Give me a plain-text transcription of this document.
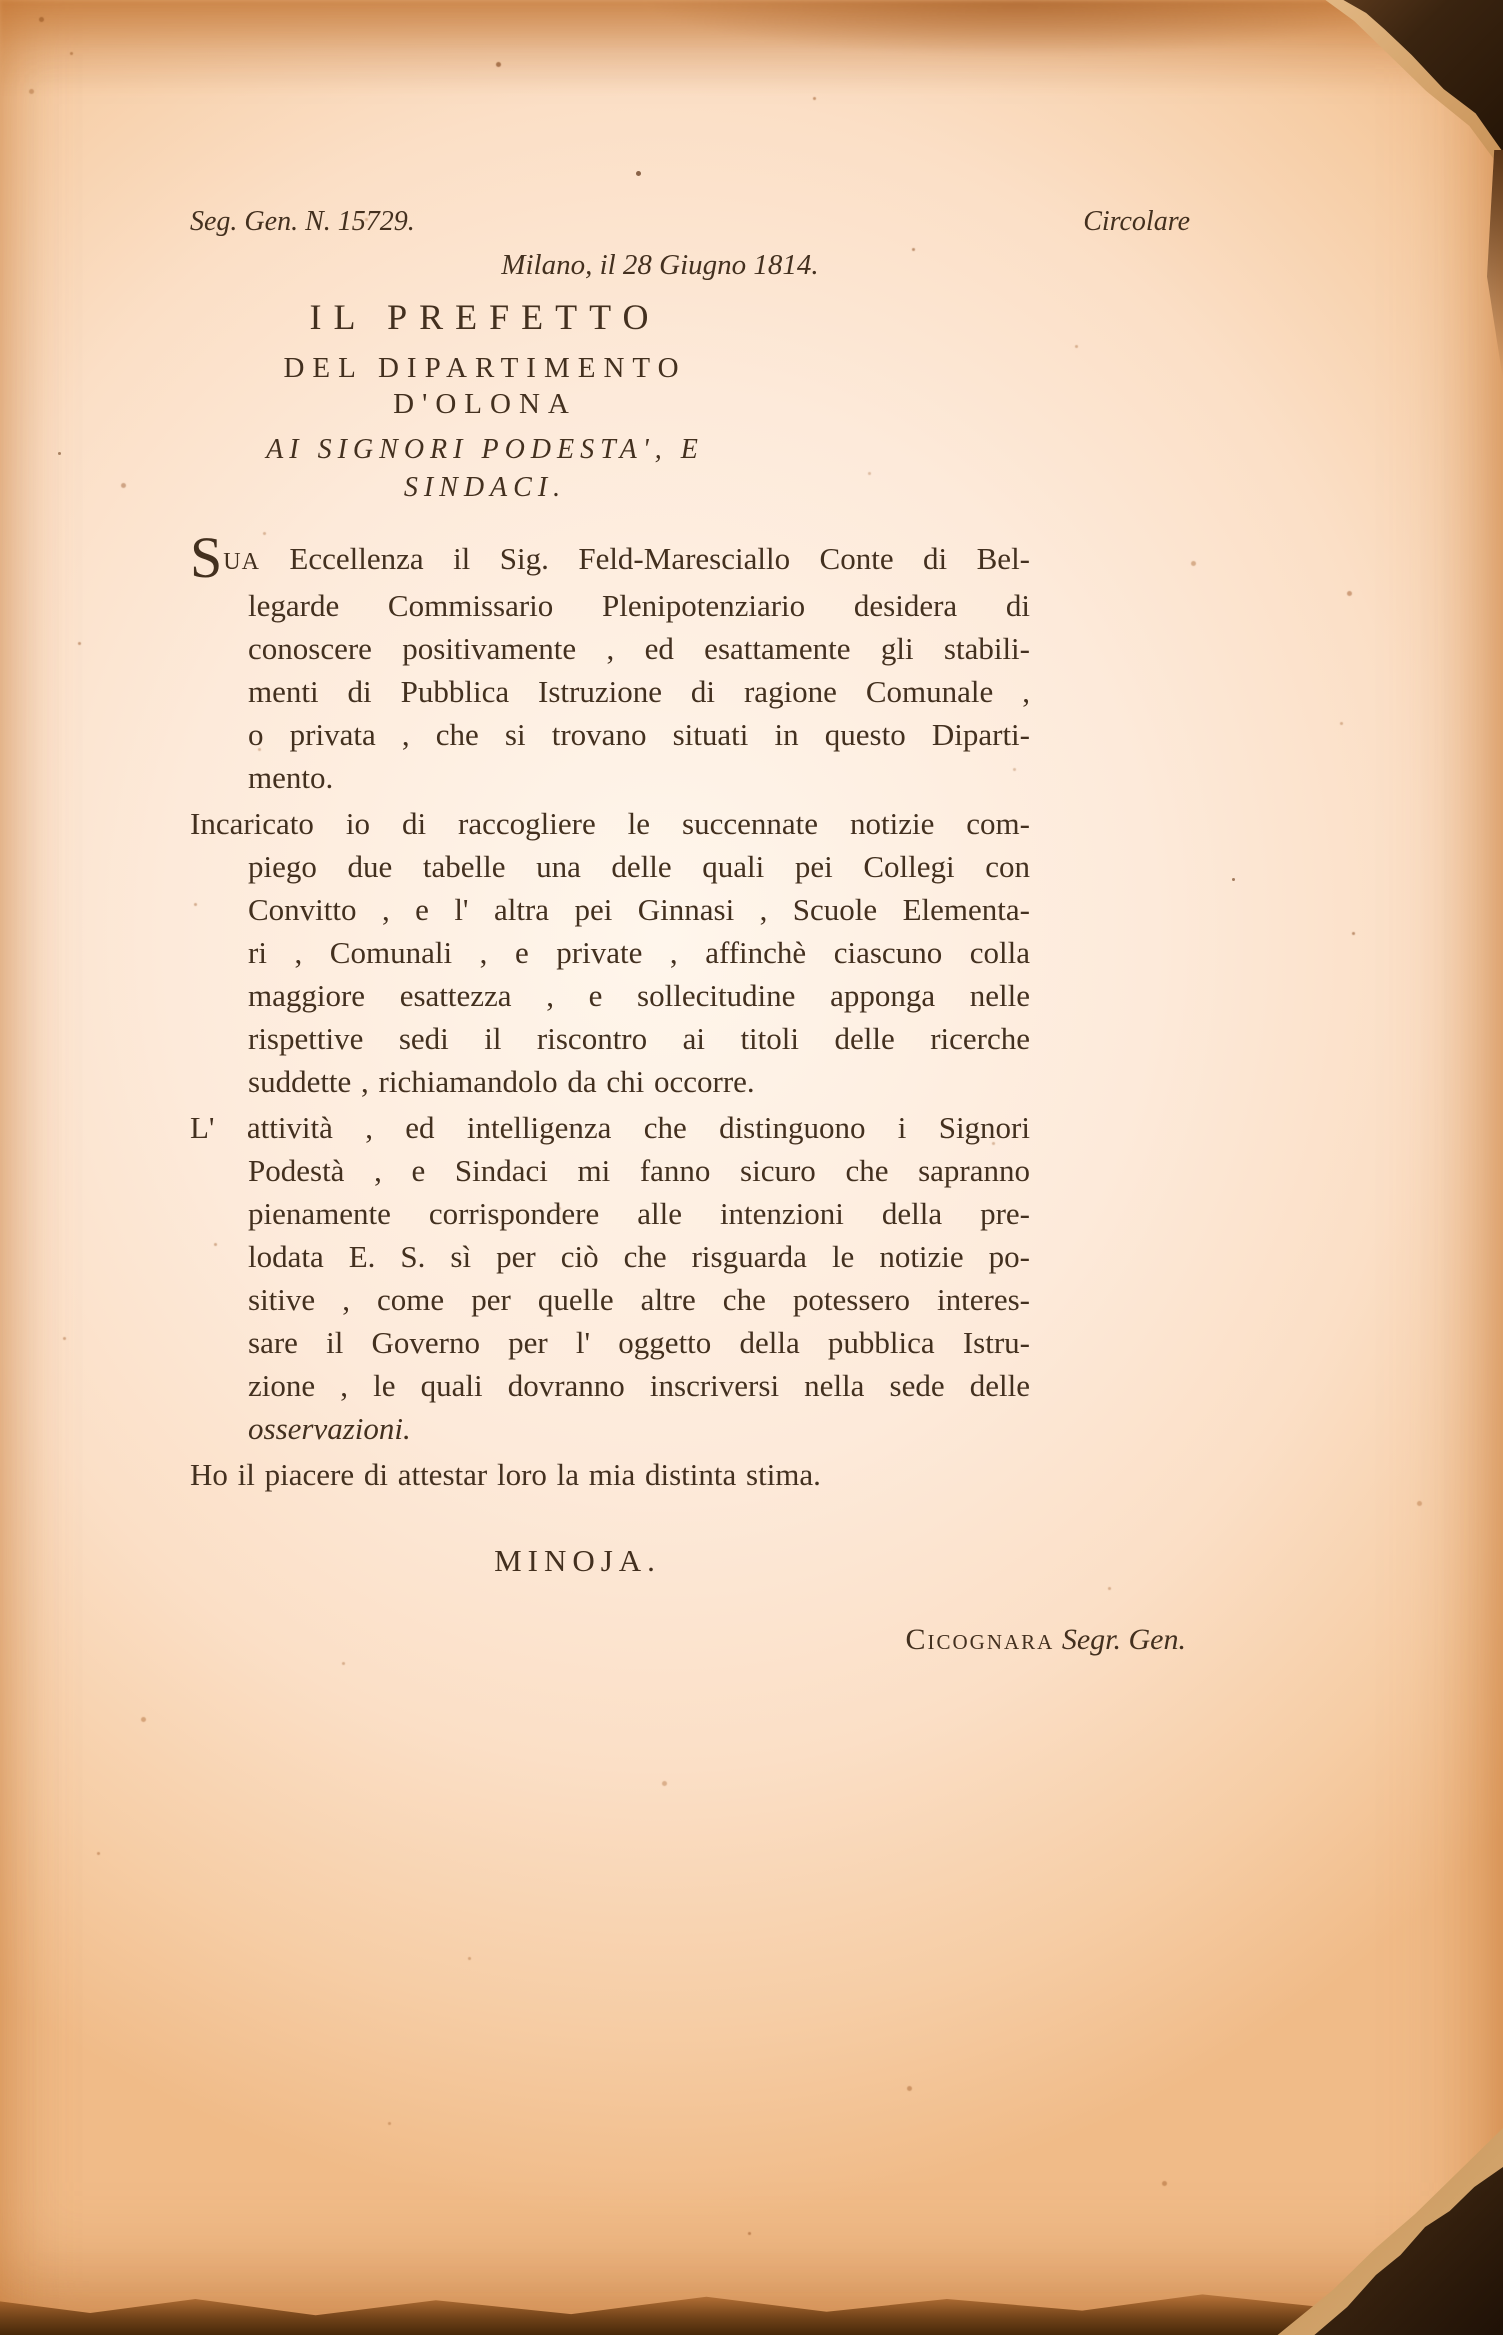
Seg. Gen. N. 15729.	Circolare
Milano, il 28 Giugno 1814.
IL PREFETTO
DEL DIPARTIMENTO D'OLONA
AI SIGNORI PODESTA', E SINDACI.
SUA Eccellenza il Sig. Feld-Maresciallo Conte di Bel-
legarde Commissario Plenipotenziario desidera di
conoscere positivamente , ed esattamente gli stabili-
menti di Pubblica Istruzione di ragione Comunale ,
o privata , che si trovano situati in questo Diparti-
mento.
Incaricato io di raccogliere le succennate notizie com-
piego due tabelle una delle quali pei Collegi con
Convitto , e l' altra pei Ginnasi , Scuole Elementa-
ri , Comunali , e private , affinchè ciascuno colla
maggiore esattezza , e sollecitudine apponga nelle
rispettive sedi il riscontro ai titoli delle ricerche
suddette , richiamandolo da chi occorre.
L' attività , ed intelligenza che distinguono i Signori
Podestà , e Sindaci mi fanno sicuro che sapranno
pienamente corrispondere alle intenzioni della pre-
lodata E. S. sì per ciò che risguarda le notizie po-
sitive , come per quelle altre che potessero interes-
sare il Governo per l' oggetto della pubblica Istru-
zione , le quali dovranno inscriversi nella sede delle
osservazioni.
Ho il piacere di attestar loro la mia distinta stima.
MINOJA.
Cicognara Segr. Gen.
